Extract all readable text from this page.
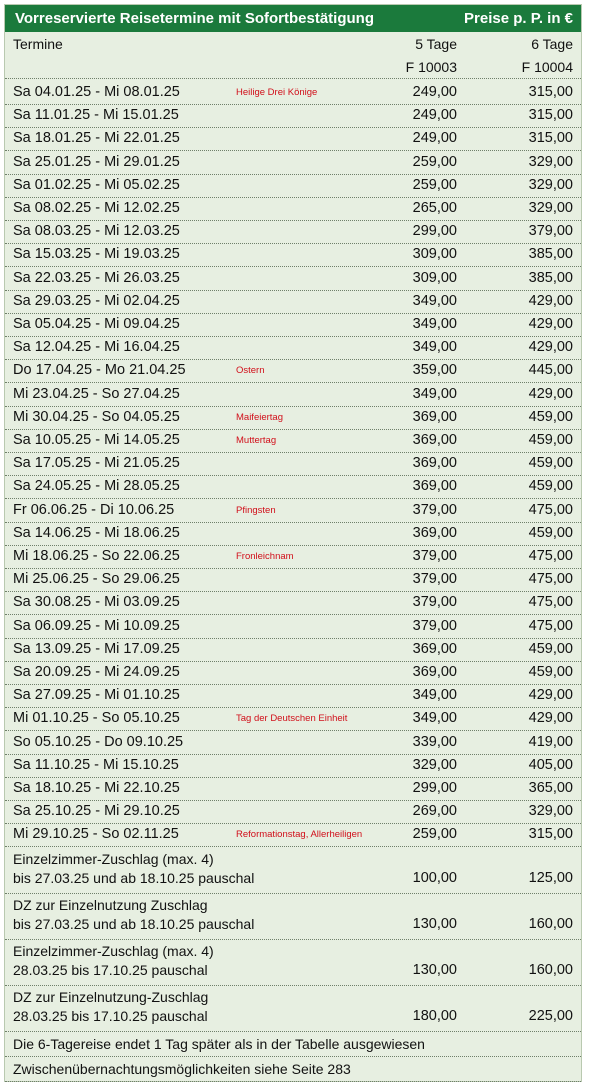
Vorreservierte Reisetermine mit Sofortbestätigung	Preise p. P. in €
Termine	5 Tage	6 Tage
F 10003	F 10004
Sa 04.01.25 - Mi 08.01.25	Heilige Drei Könige	249,00	315,00
Sa 11.01.25 - Mi 15.01.25	249,00	315,00
Sa 18.01.25 - Mi 22.01.25	249,00	315,00
Sa 25.01.25 - Mi 29.01.25	259,00	329,00
Sa 01.02.25 - Mi 05.02.25	259,00	329,00
Sa 08.02.25 - Mi 12.02.25	265,00	329,00
Sa 08.03.25 - Mi 12.03.25	299,00	379,00
Sa 15.03.25 - Mi 19.03.25	309,00	385,00
Sa 22.03.25 - Mi 26.03.25	309,00	385,00
Sa 29.03.25 - Mi 02.04.25	349,00	429,00
Sa 05.04.25 - Mi 09.04.25	349,00	429,00
Sa 12.04.25 - Mi 16.04.25	349,00	429,00
Do 17.04.25 - Mo 21.04.25	Ostern	359,00	445,00
Mi 23.04.25 - So 27.04.25	349,00	429,00
Mi 30.04.25 - So 04.05.25	Maifeiertag	369,00	459,00
Sa 10.05.25 - Mi 14.05.25	Muttertag	369,00	459,00
Sa 17.05.25 - Mi 21.05.25	369,00	459,00
Sa 24.05.25 - Mi 28.05.25	369,00	459,00
Fr 06.06.25 - Di 10.06.25	Pfingsten	379,00	475,00
Sa 14.06.25 - Mi 18.06.25	369,00	459,00
Mi 18.06.25 - So 22.06.25	Fronleichnam	379,00	475,00
Mi 25.06.25 - So 29.06.25	379,00	475,00
Sa 30.08.25 - Mi 03.09.25	379,00	475,00
Sa 06.09.25 - Mi 10.09.25	379,00	475,00
Sa 13.09.25 - Mi 17.09.25	369,00	459,00
Sa 20.09.25 - Mi 24.09.25	369,00	459,00
Sa 27.09.25 - Mi 01.10.25	349,00	429,00
Mi 01.10.25 - So 05.10.25	Tag der Deutschen Einheit	349,00	429,00
So 05.10.25 - Do 09.10.25	339,00	419,00
Sa 11.10.25 - Mi 15.10.25	329,00	405,00
Sa 18.10.25 - Mi 22.10.25	299,00	365,00
Sa 25.10.25 - Mi 29.10.25	269,00	329,00
Mi 29.10.25 - So 02.11.25	Reformationstag, Allerheiligen	259,00	315,00
Einzelzimmer-Zuschlag (max. 4)
bis 27.03.25 und ab 18.10.25 pauschal	100,00	125,00
DZ zur Einzelnutzung Zuschlag
bis 27.03.25 und ab 18.10.25 pauschal	130,00	160,00
Einzelzimmer-Zuschlag (max. 4)
28.03.25 bis 17.10.25 pauschal	130,00	160,00
DZ zur Einzelnutzung-Zuschlag
28.03.25 bis 17.10.25 pauschal	180,00	225,00
Die 6-Tagereise endet 1 Tag später als in der Tabelle ausgewiesen
Zwischenübernachtungsmöglichkeiten siehe Seite 283
